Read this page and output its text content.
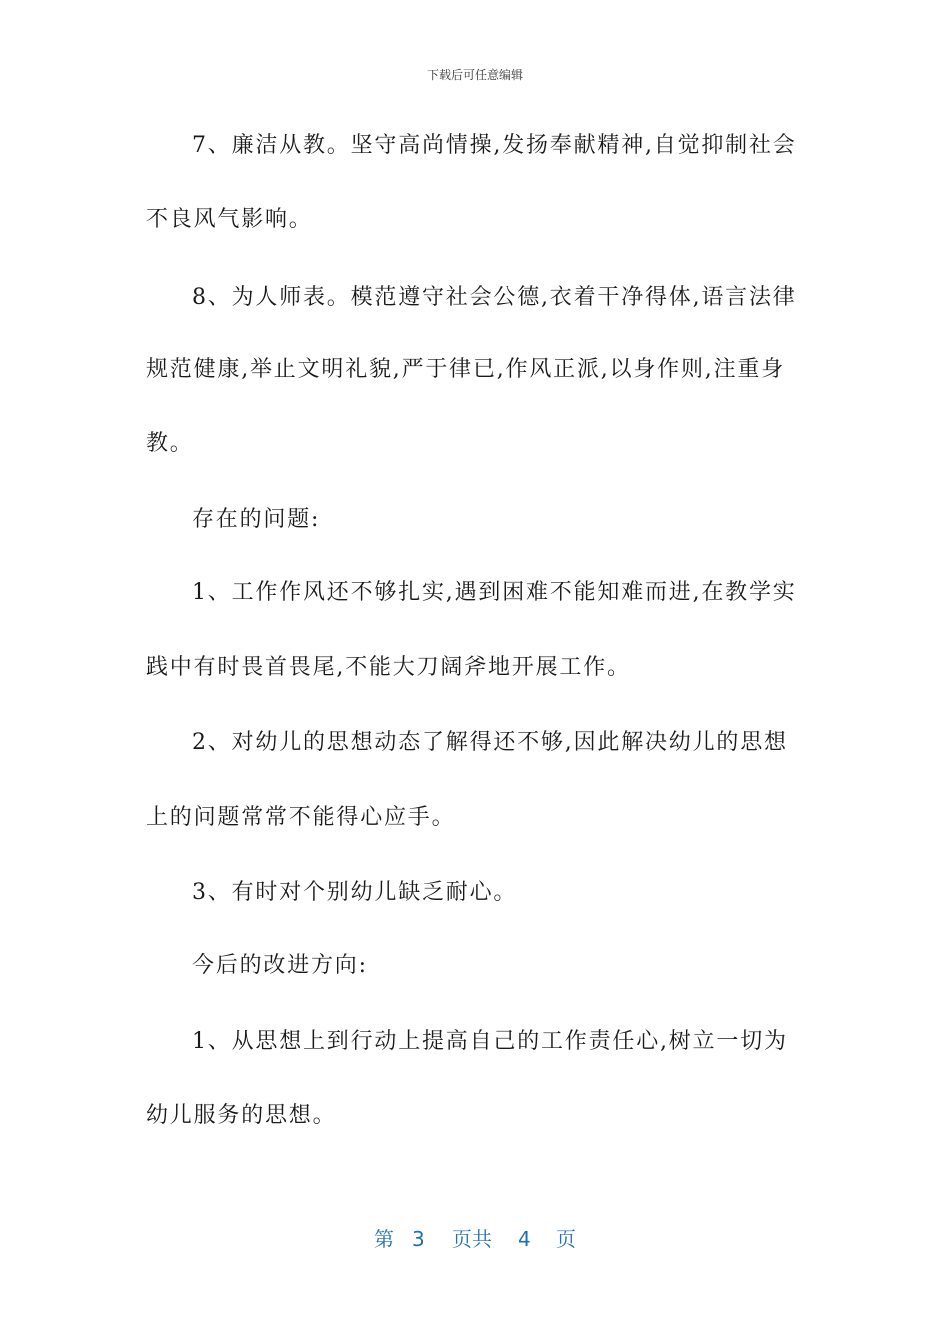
下载后可任意编辑
7、廉洁从教。坚守高尚情操,发扬奉献精神,自觉抑制社会
不良风气影响。
8、为人师表。模范遵守社会公德,衣着干净得体,语言法律
规范健康,举止文明礼貌,严于律已,作风正派,以身作则,注重身
教。
存在的问题:
1、工作作风还不够扎实,遇到困难不能知难而进,在教学实
践中有时畏首畏尾,不能大刀阔斧地开展工作。
2、对幼儿的思想动态了解得还不够,因此解决幼儿的思想
上的问题常常不能得心应手。
3、有时对个别幼儿缺乏耐心。
今后的改进方向:
1、从思想上到行动上提高自己的工作责任心,树立一切为
幼儿服务的思想。
第 3 页共 4 页
